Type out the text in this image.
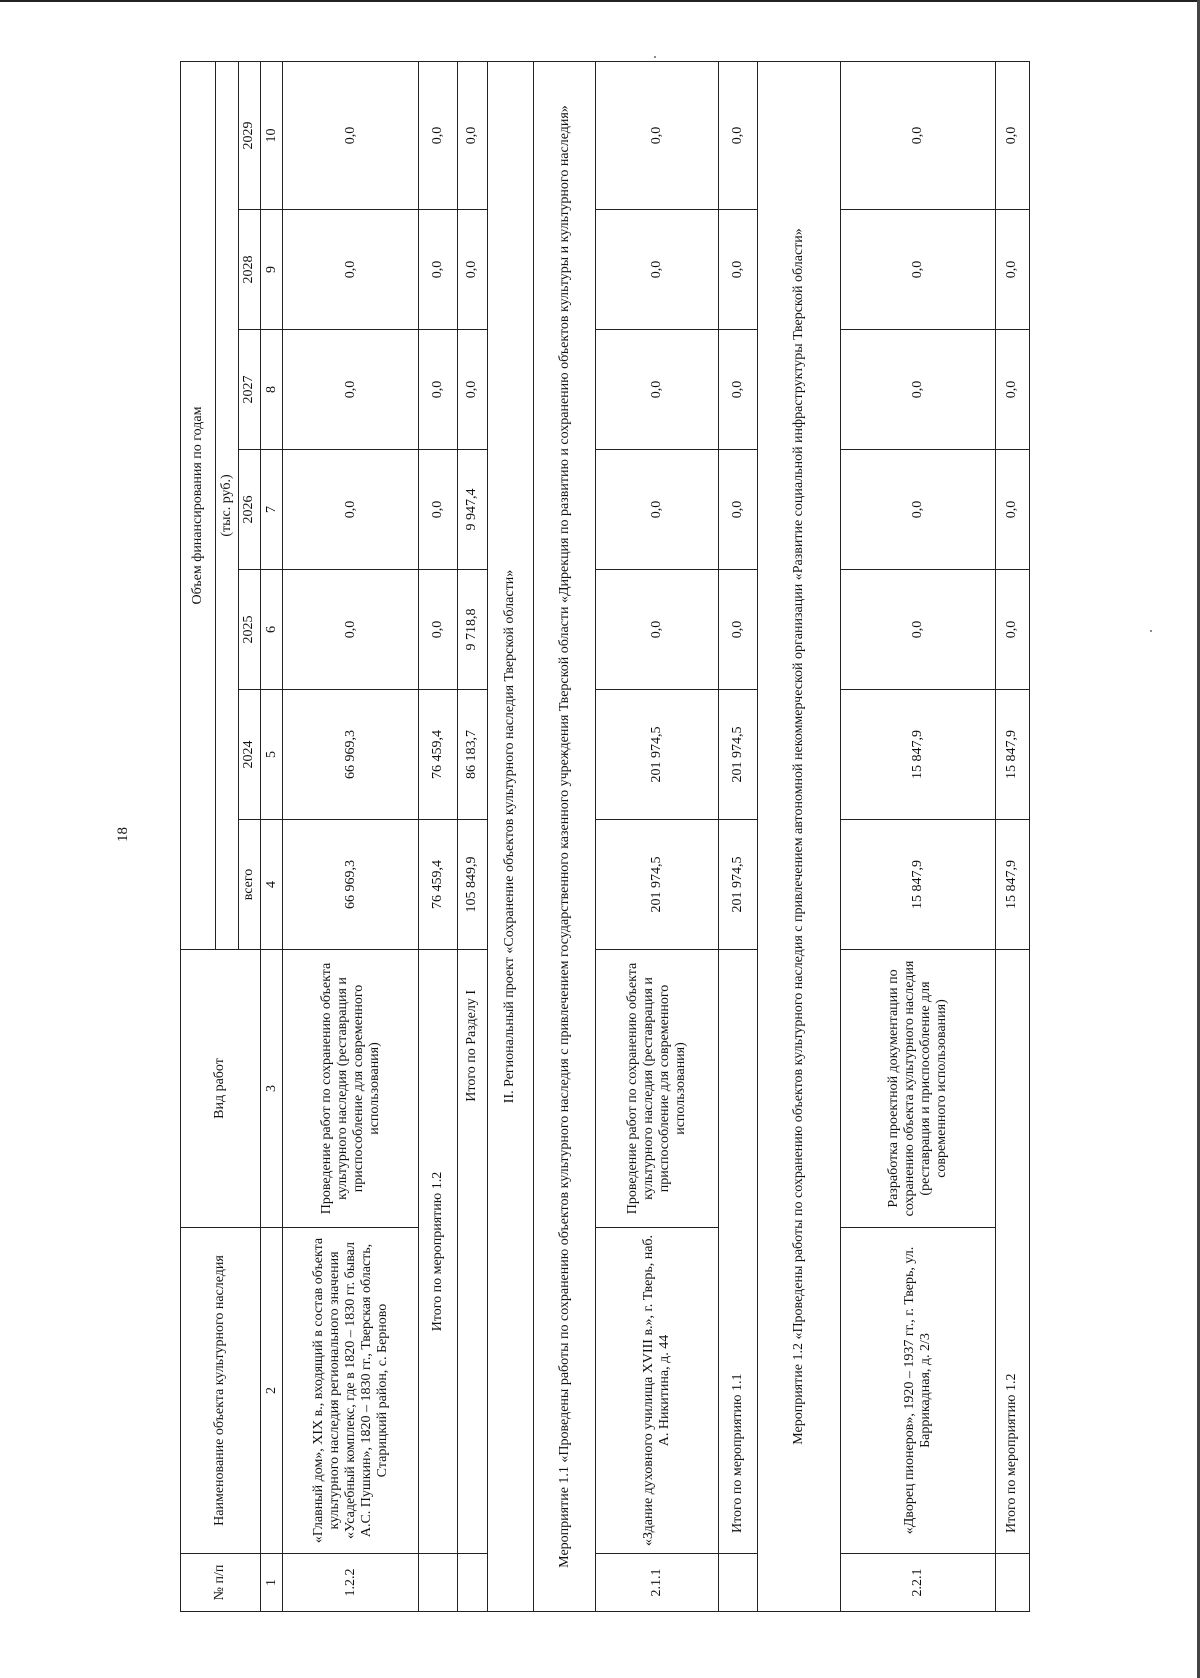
18
№ п/п	Наименование объекта культурного наследия	Вид работ	Объем финансирования по годам						
			(тыс. руб.)						
			всего	2024	2025	2026	2027	2028	2029
1	2	3	4	5	6	7	8	9	10
1.2.2	«Главный дом», XIX в., входящий в состав объекта культурного наследия регионального значения «Усадебный комплекс, где в 1820 – 1830 гг. бывал А.С. Пушкин», 1820 – 1830 гг., Тверская область, Старицкий район, с. Берново	Проведение работ по сохранению объекта культурного наследия (реставрация и приспособление для современного использования)	66 969,3	66 969,3	0,0	0,0	0,0	0,0	0,0
	Итого по мероприятию 1.2		76 459,4	76 459,4	0,0	0,0	0,0	0,0	0,0
	Итого по Разделу I		105 849,9	86 183,7	9 718,8	9 947,4	0,0	0,0	0,0
II. Региональный проект «Сохранение объектов культурного наследия Тверской области»									
Мероприятие 1.1 «Проведены работы по сохранению объектов культурного наследия с привлечением государственного казенного учреждения Тверской области «Дирекция по развитию и сохранению объектов культуры и культурного наследия»									
2.1.1	«Здание духовного училища XVIII в.», г. Тверь, наб. А. Никитина, д. 44	Проведение работ по сохранению объекта культурного наследия (реставрация и приспособление для современного использования)	201 974,5	201 974,5	0,0	0,0	0,0	0,0	0,0
	Итого по мероприятию 1.1		201 974,5	201 974,5	0,0	0,0	0,0	0,0	0,0
Мероприятие 1.2 «Проведены работы по сохранению объектов культурного наследия с привлечением автономной некоммерческой организации «Развитие социальной инфраструктуры Тверской области»									
2.2.1	«Дворец пионеров», 1920 – 1937 гг., г. Тверь, ул. Баррикадная, д. 2/3	Разработка проектной документации по сохранению объекта культурного наследия (реставрация и приспособление для современного использования)	15 847,9	15 847,9	0,0	0,0	0,0	0,0	0,0
	Итого по мероприятию 1.2		15 847,9	15 847,9	0,0	0,0	0,0	0,0	0,0
